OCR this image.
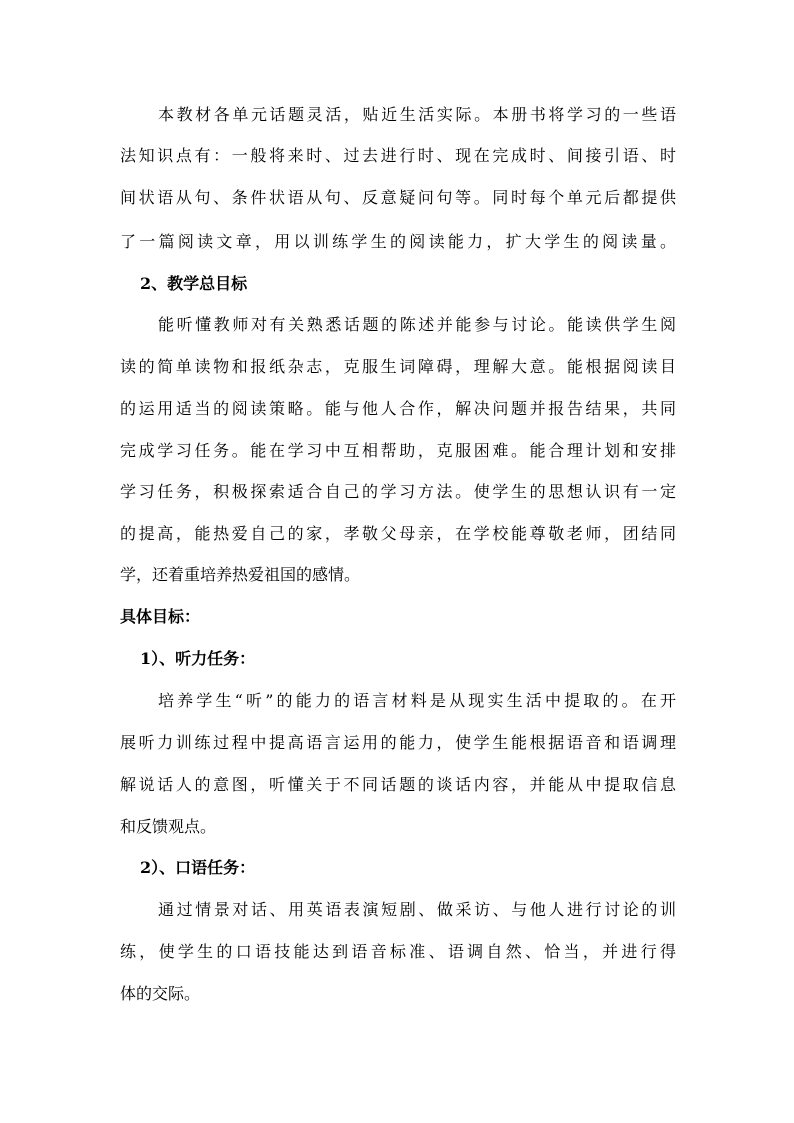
本教材各单元话题灵活，贴近生活实际。本册书将学习的一些语
法知识点有：一般将来时、过去进行时、现在完成时、间接引语、时
间状语从句、条件状语从句、反意疑问句等。同时每个单元后都提供
了一篇阅读文章，用以训练学生的阅读能力，扩大学生的阅读量。
2、教学总目标
能听懂教师对有关熟悉话题的陈述并能参与讨论。能读供学生阅
读的简单读物和报纸杂志，克服生词障碍，理解大意。能根据阅读目
的运用适当的阅读策略。能与他人合作，解决问题并报告结果，共同
完成学习任务。能在学习中互相帮助，克服困难。能合理计划和安排
学习任务，积极探索适合自己的学习方法。使学生的思想认识有一定
的提高，能热爱自己的家，孝敬父母亲，在学校能尊敬老师，团结同
学，还着重培养热爱祖国的感情。
具体目标：
1）、听力任务：
培养学生“听”的能力的语言材料是从现实生活中提取的。在开
展听力训练过程中提高语言运用的能力，使学生能根据语音和语调理
解说话人的意图，听懂关于不同话题的谈话内容，并能从中提取信息
和反馈观点。
2）、口语任务：
通过情景对话、用英语表演短剧、做采访、与他人进行讨论的训
练，使学生的口语技能达到语音标准、语调自然、恰当，并进行得
体的交际。
